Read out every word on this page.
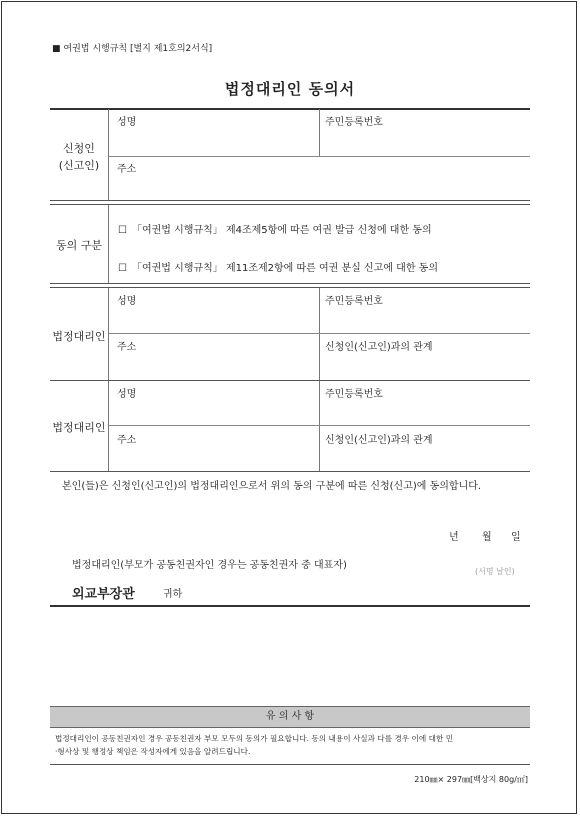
■ 여권법 시행규칙 [별지 제1호의2서식]
법정대리인 동의서
신청인
(신고인)
성명	주민등록번호
주소
동의 구분
☐ 「여권법 시행규칙」 제4조제5항에 따른 여권 발급 신청에 대한 동의
☐ 「여권법 시행규칙」 제11조제2항에 따른 여권 분실 신고에 대한 동의
법정대리인
성명	주민등록번호
주소	신청인(신고인)과의 관계
법정대리인
성명	주민등록번호
주소	신청인(신고인)과의 관계
본인(들)은 신청인(신고인)의 법정대리인으로서 위의 동의 구분에 따른 신청(신고)에 동의합니다.
년 월 일
법정대리인(부모가 공동친권자인 경우는 공동친권자 중 대표자)
(서명 날인)
외교부장관	귀하
유 의 사 항
법정대리인이 공동친권자인 경우 공동친권자 부모 모두의 동의가 필요합니다. 동의 내용이 사실과 다를 경우 이에 대한 민
·형사상 및 행정상 책임은 작성자에게 있음을 알려드립니다.
210㎜× 297㎜[백상지 80g/㎡]
